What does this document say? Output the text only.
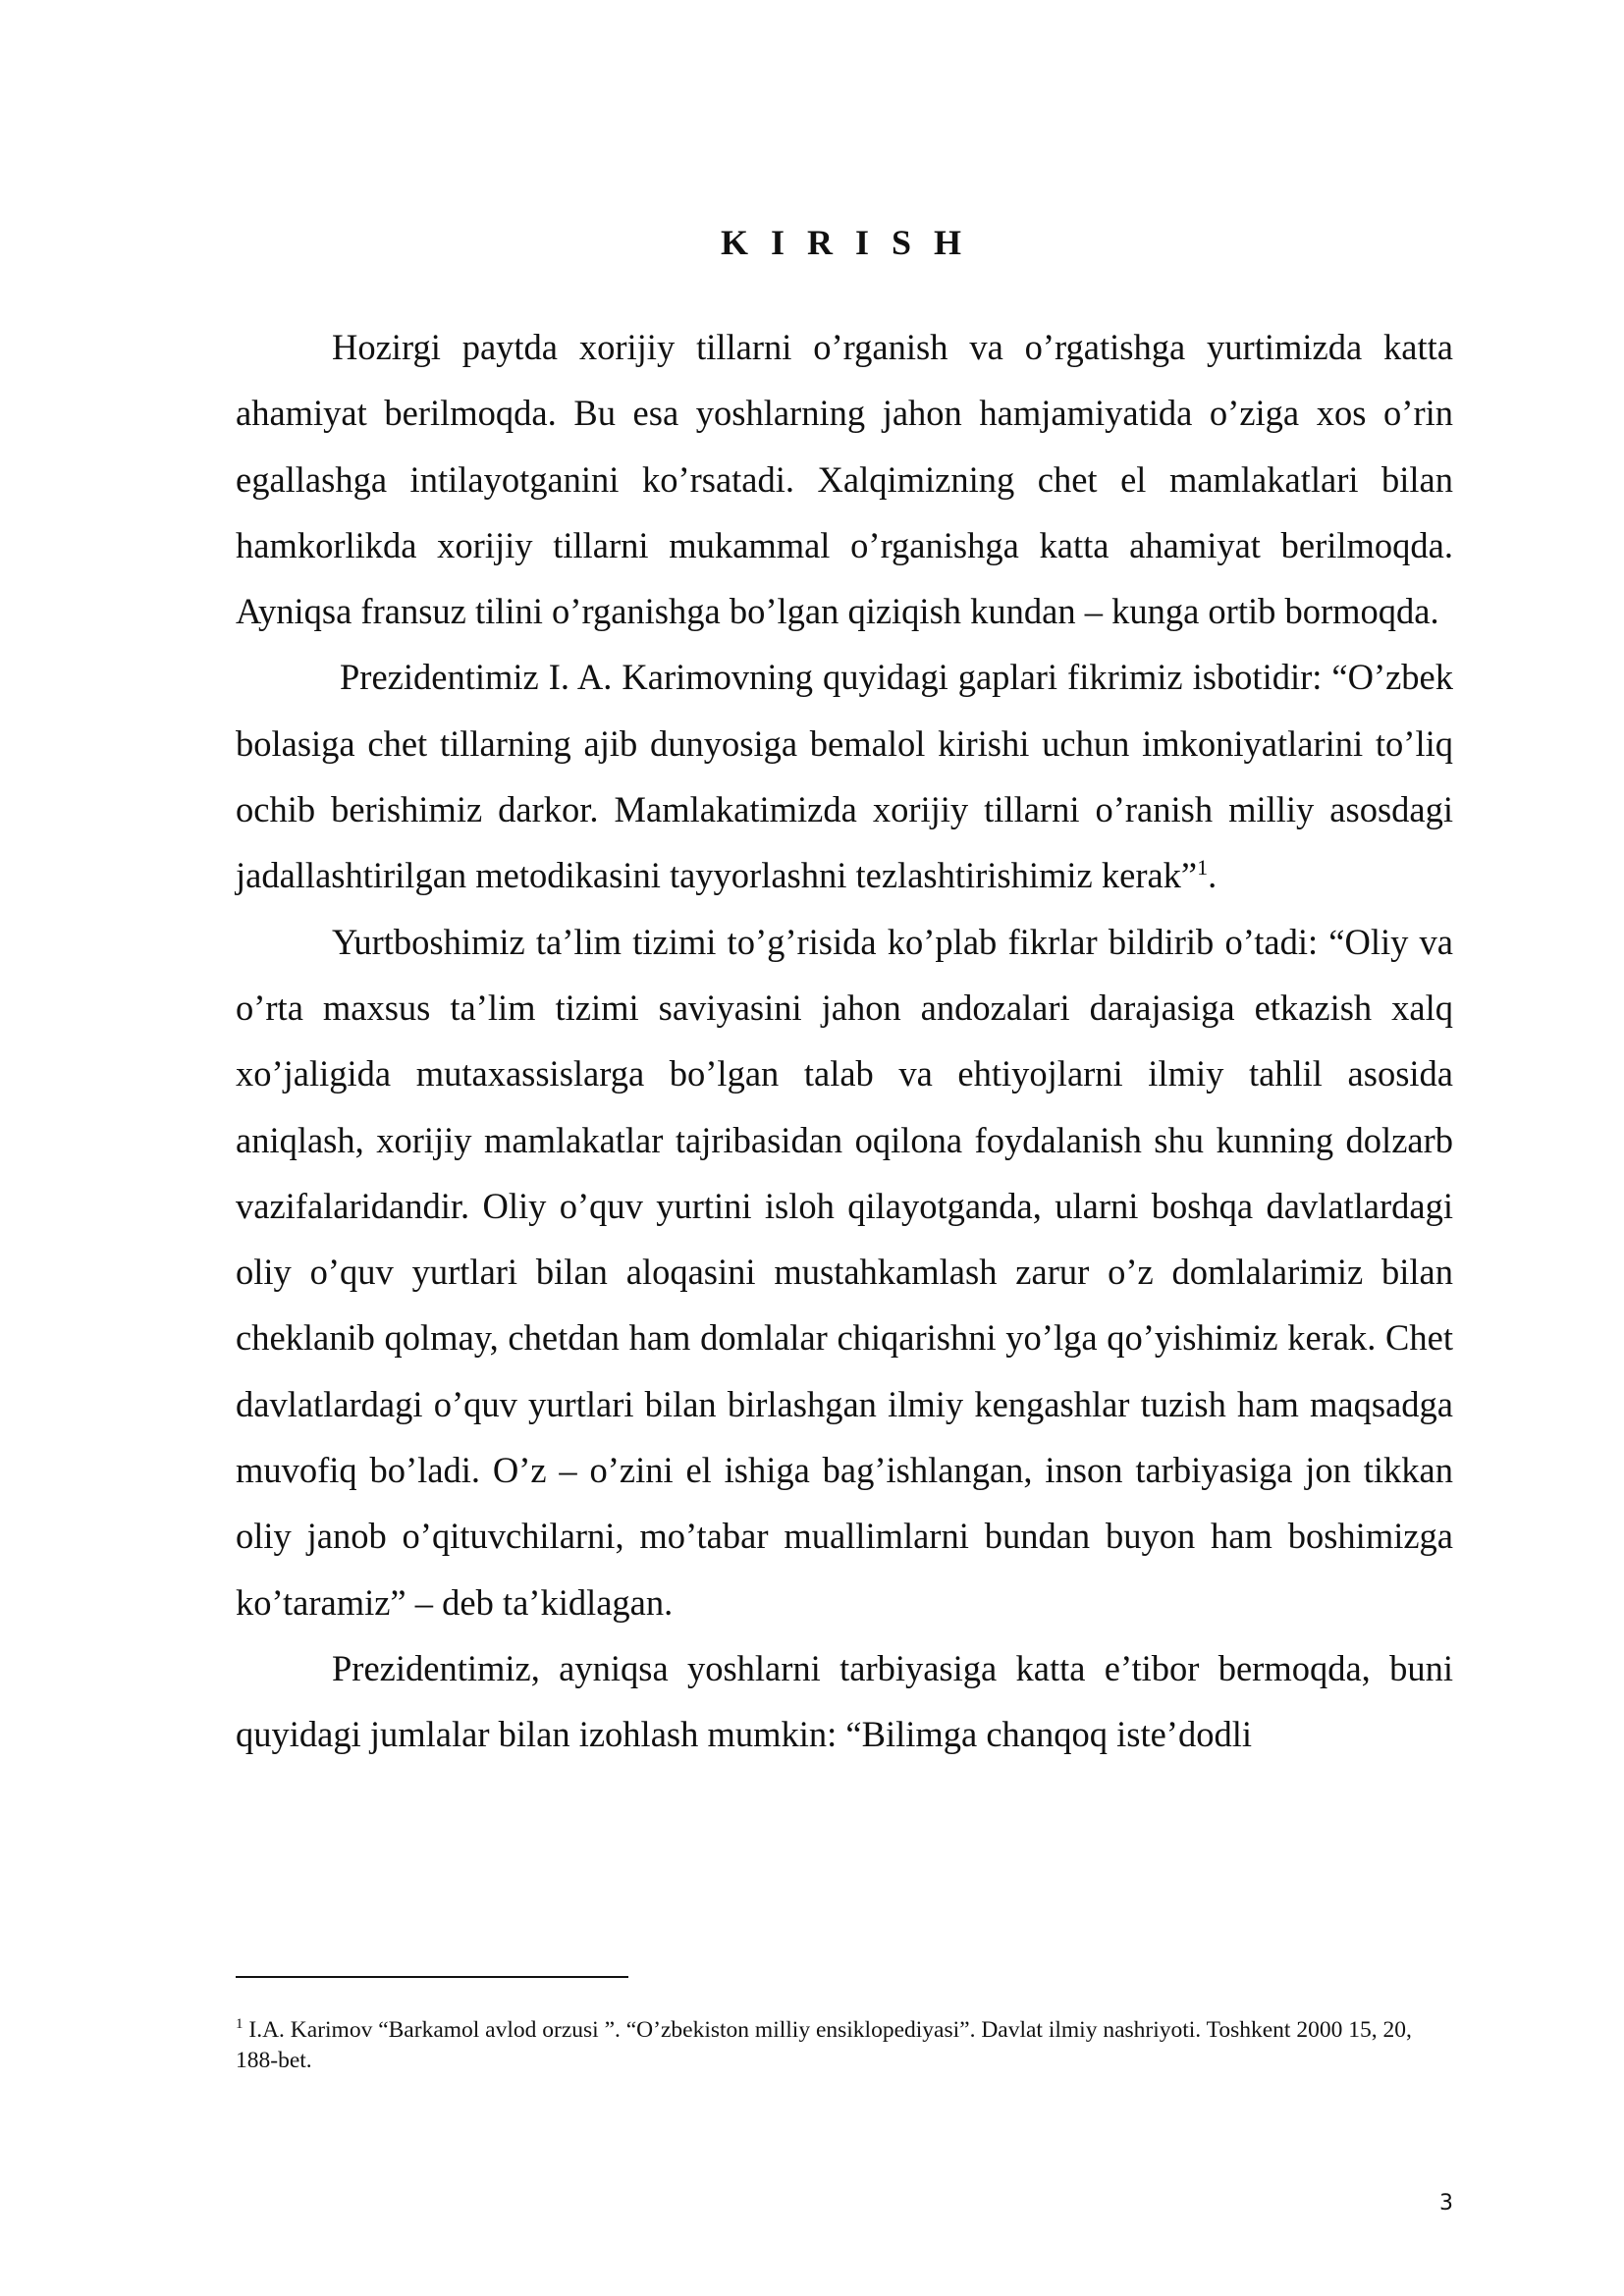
K I R I S H

Hozirgi paytda xorijiy tillarni o’rganish va o’rgatishga yurtimizda katta ahamiyat berilmoqda. Bu esa yoshlarning jahon hamjamiyatida o’ziga xos o’rin egallashga intilayotganini ko’rsatadi. Xalqimizning chet el mamlakatlari bilan hamkorlikda xorijiy tillarni mukammal o’rganishga katta ahamiyat berilmoqda. Ayniqsa fransuz tilini o’rganishga bo’lgan qiziqish kundan – kunga ortib bormoqda.

Prezidentimiz I. A. Karimovning quyidagi gaplari fikrimiz isbotidir: “O’zbek bolasiga chet tillarning ajib dunyosiga bemalol kirishi uchun imkoniyatlarini to’liq ochib berishimiz darkor. Mamlakatimizda xorijiy tillarni o’ranish milliy asosdagi jadallashtirilgan metodikasini tayyorlashni tezlashtirishimiz kerak”$^1$.

Yurtboshimiz ta’lim tizimi to’g’risida ko’plab fikrlar bildirib o’tadi: “Oliy va o’rta maxsus ta’lim tizimi saviyasini jahon andozalari darajasiga etkazish xalq xo’jaligida mutaxassislarga bo’lgan talab va ehtiyojlarni ilmiy tahlil asosida aniqlash, xorijiy mamlakatlar tajribasidan oqilona foydalanish shu kunning dolzarb vazifalaridandir. Oliy o’quv yurtini isloh qilayotganda, ularni boshqa davlatlardagi oliy o’quv yurtlari bilan aloqasini mustahkamlash zarur o’z domlalarimiz bilan cheklanib qolmay, chetdan ham domlalar chiqarishni yo’lga qo’yishimiz kerak. Chet davlatlardagi o’quv yurtlari bilan birlashgan ilmiy kengashlar tuzish ham maqsadga muvofiq bo’ladi. O’z – o’zini el ishiga bag’ishlangan, inson tarbiyasiga jon tikkan oliy janob o’qituvchilarni, mo’tabar muallimlarni bundan buyon ham boshimizga ko’taramiz” – deb ta’kidlagan.

Prezidentimiz, ayniqsa yoshlarni tarbiyasiga katta e’tibor bermoqda, buni quyidagi jumlalar bilan izohlash mumkin: “Bilimga chanqoq iste’dodli

$^1$ I.A. Karimov “Barkamol avlod orzusi ”. “O’zbekiston milliy ensiklopediyasi”. Davlat ilmiy nashriyoti. Toshkent 2000 15, 20, 188-bet.

3
